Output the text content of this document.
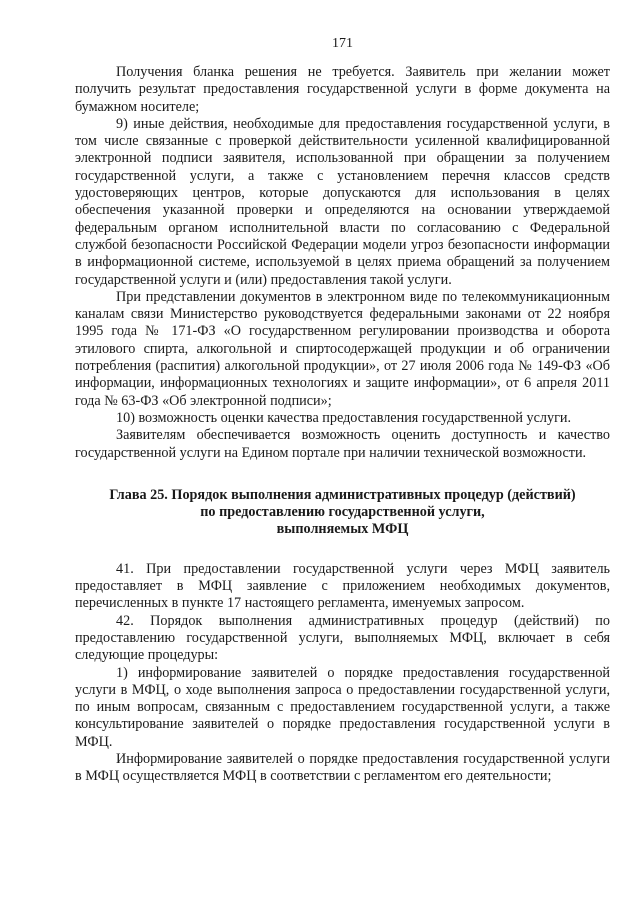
171

Получения бланка решения не требуется. Заявитель при желании может получить результат предоставления государственной услуги в форме документа на бумажном носителе;

9) иные действия, необходимые для предоставления государственной услуги, в том числе связанные с проверкой действительности усиленной квалифицированной электронной подписи заявителя, использованной при обращении за получением государственной услуги, а также с установлением перечня классов средств удостоверяющих центров, которые допускаются для использования в целях обеспечения указанной проверки и определяются на основании утверждаемой федеральным органом исполнительной власти по согласованию с Федеральной службой безопасности Российской Федерации модели угроз безопасности информации в информационной системе, используемой в целях приема обращений за получением государственной услуги и (или) предоставления такой услуги.

При представлении документов в электронном виде по телекоммуникационным каналам связи Министерство руководствуется федеральными законами от 22 ноября 1995 года № 171-ФЗ «О государственном регулировании производства и оборота этилового спирта, алкогольной и спиртосодержащей продукции и об ограничении потребления (распития) алкогольной продукции», от 27 июля 2006 года № 149-ФЗ «Об информации, информационных технологиях и защите информации», от 6 апреля 2011 года № 63-ФЗ «Об электронной подписи»;

10) возможность оценки качества предоставления государственной услуги.

Заявителям обеспечивается возможность оценить доступность и качество государственной услуги на Едином портале при наличии технической возможности.

Глава 25. Порядок выполнения административных процедур (действий)
по предоставлению государственной услуги,
выполняемых МФЦ

41. При предоставлении государственной услуги через МФЦ заявитель предоставляет в МФЦ заявление с приложением необходимых документов, перечисленных в пункте 17 настоящего регламента, именуемых запросом.

42. Порядок выполнения административных процедур (действий) по предоставлению государственной услуги, выполняемых МФЦ, включает в себя следующие процедуры:

1) информирование заявителей о порядке предоставления государственной услуги в МФЦ, о ходе выполнения запроса о предоставлении государственной услуги, по иным вопросам, связанным с предоставлением государственной услуги, а также консультирование заявителей о порядке предоставления государственной услуги в МФЦ.

Информирование заявителей о порядке предоставления государственной услуги в МФЦ осуществляется МФЦ в соответствии с регламентом его деятельности;
